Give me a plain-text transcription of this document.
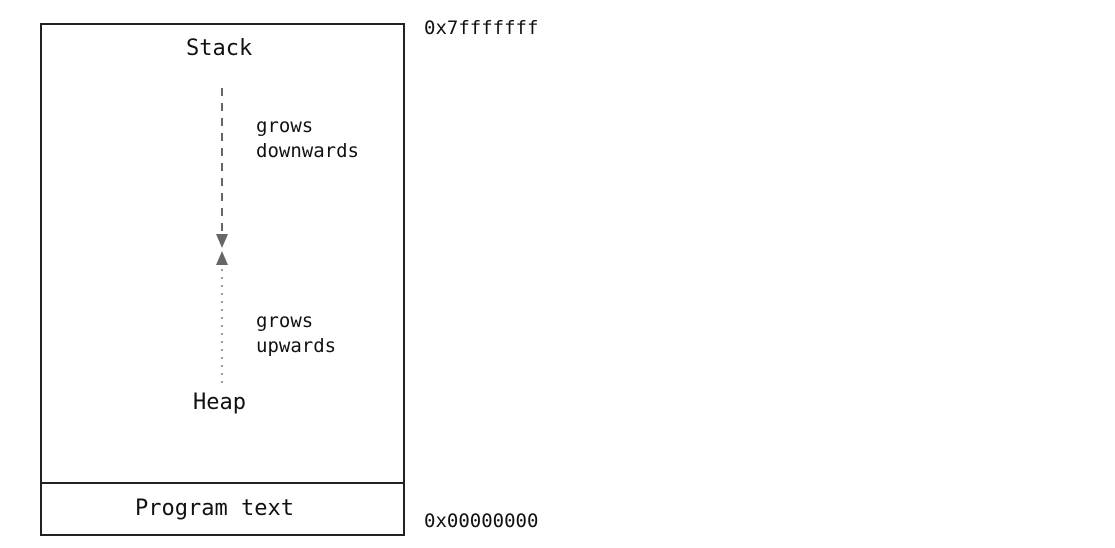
Stack
grows
downwards
grows
upwards
Heap
Program text
0x7fffffff
0x00000000
